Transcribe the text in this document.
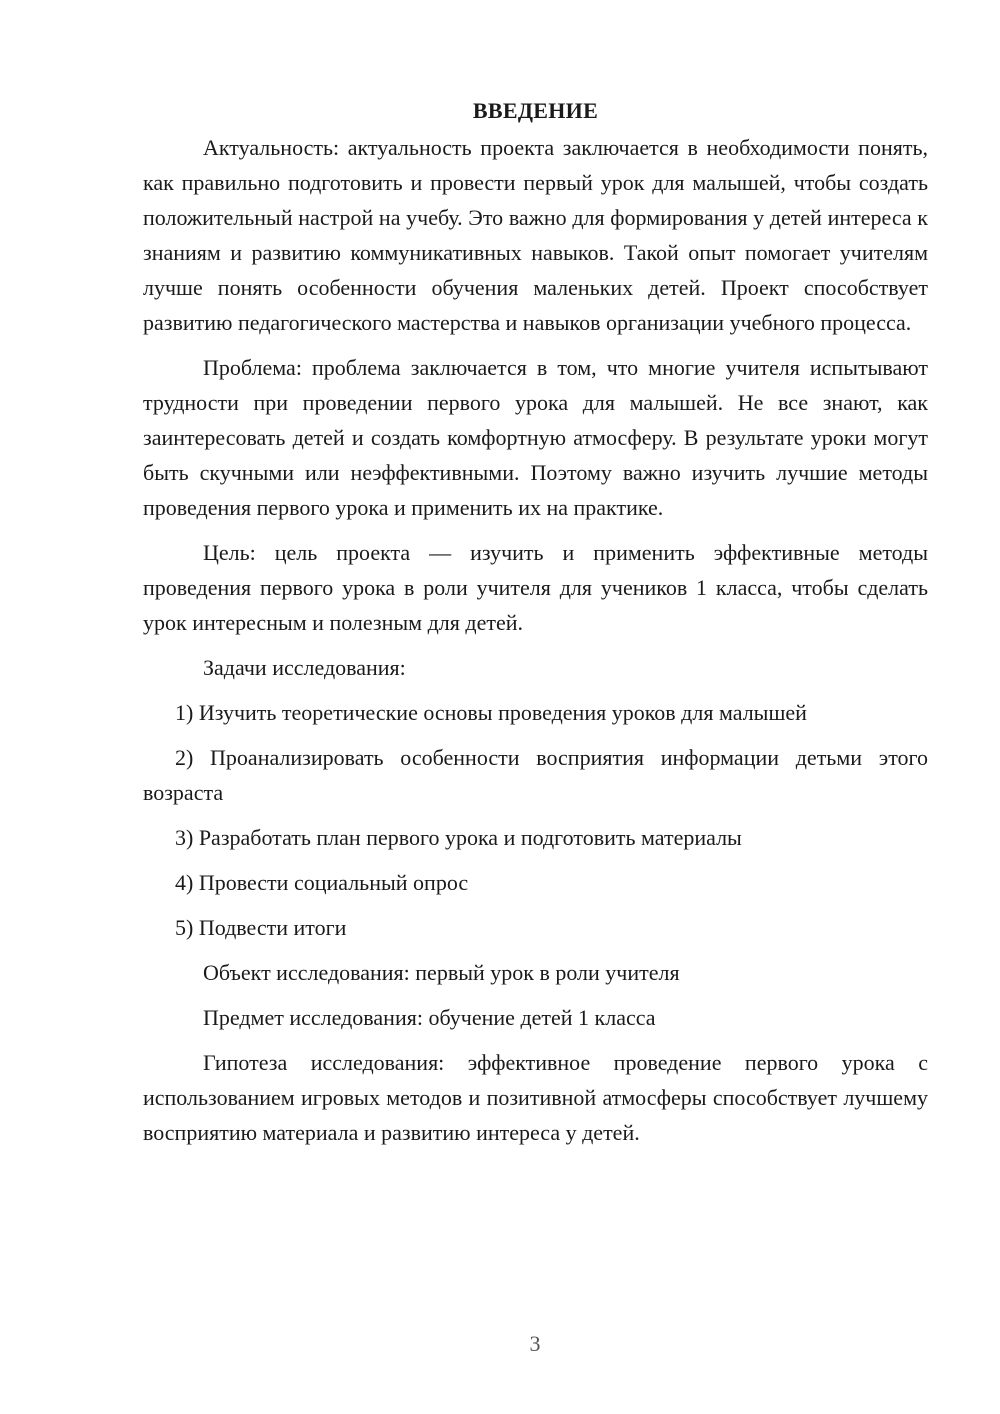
ВВЕДЕНИЕ

Актуальность: актуальность проекта заключается в необходимости понять, как правильно подготовить и провести первый урок для малышей, чтобы создать положительный настрой на учебу. Это важно для формирования у детей интереса к знаниям и развитию коммуникативных навыков. Такой опыт помогает учителям лучше понять особенности обучения маленьких детей. Проект способствует развитию педагогического мастерства и навыков организации учебного процесса.

Проблема: проблема заключается в том, что многие учителя испытывают трудности при проведении первого урока для малышей. Не все знают, как заинтересовать детей и создать комфортную атмосферу. В результате уроки могут быть скучными или неэффективными. Поэтому важно изучить лучшие методы проведения первого урока и применить их на практике.

Цель: цель проекта — изучить и применить эффективные методы проведения первого урока в роли учителя для учеников 1 класса, чтобы сделать урок интересным и полезным для детей.

Задачи исследования:

1) Изучить теоретические основы проведения уроков для малышей

2) Проанализировать особенности восприятия информации детьми этого возраста

3) Разработать план первого урока и подготовить материалы

4) Провести социальный опрос

5) Подвести итоги

Объект исследования: первый урок в роли учителя

Предмет исследования: обучение детей 1 класса

Гипотеза исследования: эффективное проведение первого урока с использованием игровых методов и позитивной атмосферы способствует лучшему восприятию материала и развитию интереса у детей.

3
